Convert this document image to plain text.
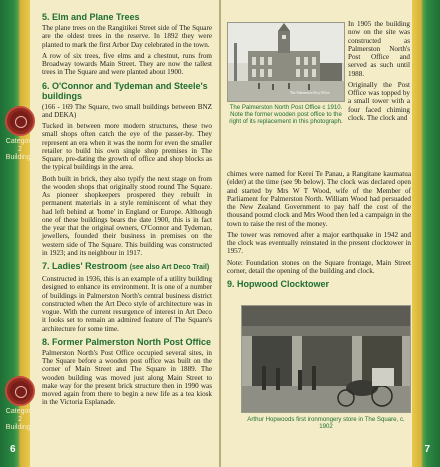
Category 2 Buildings
Category 2 Buildings
5. Elm and Plane Trees

The plane trees on the Rangitikei Street side of The Square are the oldest trees in the reserve. In 1892 they were planted to mark the first Arbor Day celebrated in the town.

A row of six trees, five elms and a chestnut, runs from Broadway towards Main Street. They are now the tallest trees in The Square and were planted about 1900.

6. O'Connor and Tydeman and Steele's buildings

(166 - 169 The Square, two small buildings between BNZ and DEKA)

Tucked in between more modern structures, these two small shops often catch the eye of the passer-by. They represent an era when it was the norm for even the smaller retailer to build his own single shop premises in The Square, pre-dating the growth of office and shop blocks as the typical buildings in the area.

Both built in brick, they also typify the next stage on from the wooden shops that originally stood round The Square. As pioneer shopkeepers prospered they rebuilt in permanent materials in a style reminiscent of what they had left behind at 'home' in England or Europe. Although one of these buildings bears the date 1900, this is in fact the year that the original owners, O'Connor and Tydeman, jewellers, founded their business in premises on the western side of The Square. This building was constructed in 1923; and its neighbour in 1917.

7. Ladies' Restroom (see also Art Deco Trail)

Constructed in 1936, this is an example of a utility building designed to enhance its environment. It is one of a number of buildings in Palmerston North's central business district constructed when the Art Deco style of architecture was in vogue. With the current resurgence of interest in Art Deco it looks set to remain an admired feature of The Square's architecture for some time.

8. Former Palmerston North Post Office

Palmerston North's Post Office occupied several sites, in The Square before a wooden post office was built on the corner of Main Street and The Square in 1889. The wooden building was moved just along Main Street to make way for the present brick structure then in 1990 was moved again from there to begin a new life as a tea kiosk in the Victoria Esplanade.

6
The Palmerston Post Office
The Palmerston North Post Office c 1910. Note the former wooden post office to the right of its replacement in this photograph.

In 1905 the building now on the site was constructed as Palmerston North's Post Office and served as such until 1988.

Originally the Post Office was topped by a small tower with a four faced chiming clock. The clock and

chimes were named for Kerei Te Panau, a Rangitane kaumatua (elder) at the time (see 9b below). The clock was declared open and started by Mrs W T Wood, wife of the Member of Parliament for Palmerston North. William Wood had persuaded the New Zealand Government to pay half the cost of the thousand pound clock and Mrs Wood then led a campaign in the town to raise the rest of the money.

The tower was removed after a major earthquake in 1942 and the clock was eventually reinstated in the present clocktower in 1957.

Note: Foundation stones on the Square frontage, Main Street corner, detail the opening of the building and clock.

9. Hopwood Clocktower
Arthur Hopwoods first ironmongery store in The Square, c. 1902
7
